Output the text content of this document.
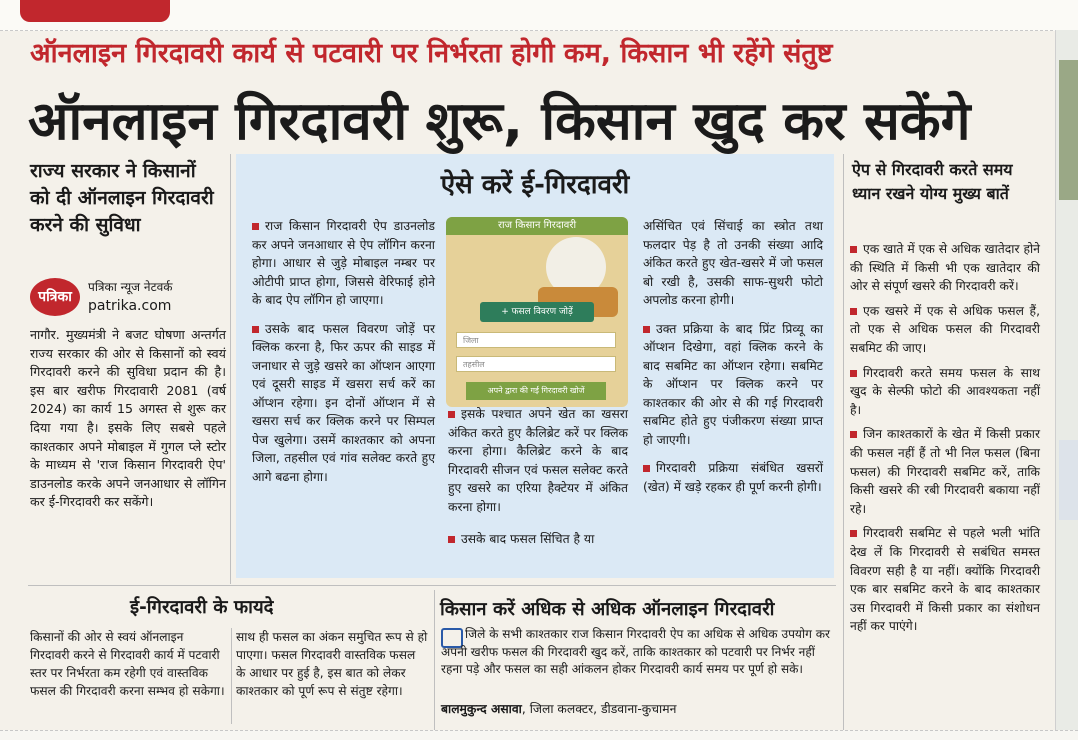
ऑनलाइन गिरदावरी कार्य से पटवारी पर निर्भरता होगी कम, किसान भी रहेंगे संतुष्ट
ऑनलाइन गिरदावरी शुरू, किसान खुद कर सकेंगे
राज्य सरकार ने किसानों को दी ऑनलाइन गिरदावरी करने की सुविधा
पत्रिका
पत्रिका न्यूज नेटवर्क
patrika.com
नागौर. मुख्यमंत्री ने बजट घोषणा अन्तर्गत राज्य सरकार की ओर से किसानों को स्वयं गिरदावरी करने की सुविधा प्रदान की है। इस बार खरीफ गिरदावारी 2081 (वर्ष 2024) का कार्य 15 अगस्त से शुरू कर दिया गया है। इसके लिए सबसे पहले काश्तकार अपने मोबाइल में गुगल प्ले स्टोर के माध्यम से 'राज किसान गिरदावरी ऐप' डाउनलोड करके अपने जनआधार से लॉगिन कर ई-गिरदावरी कर सकेंगे।
ऐसे करें ई-गिरदावरी
राज किसान गिरदावरी ऐप डाउनलोड कर अपने जनआधार से ऐप लॉगिन करना होगा। आधार से जुड़े मोबाइल नम्बर पर ओटीपी प्राप्त होगा, जिससे वेरिफाई होने के बाद ऐप लॉगिन हो जाएगा।
उसके बाद फसल विवरण जोड़ें पर क्लिक करना है, फिर ऊपर की साइड में जनाधार से जुड़े खसरे का ऑप्शन आएगा एवं दूसरी साइड में खसरा सर्च करें का ऑप्शन रहेगा। इन दोनों ऑप्शन में से खसरा सर्च कर क्लिक करने पर सिम्पल पेज खुलेगा। उसमें काश्तकार को अपना जिला, तहसील एवं गांव सलेक्ट करते हुए आगे बढना होगा।
राज किसान गिरदावरी
+ फसल विवरण जोड़ें
जिला
तहसील
अपने द्वारा की गई गिरदावरी खोजें
इसके पश्चात अपने खेत का खसरा अंकित करते हुए कैलिब्रेट करें पर क्लिक करना होगा। कैलिब्रेट करने के बाद गिरदावरी सीजन एवं फसल सलेक्ट करते हुए खसरे का एरिया हैक्टेयर में अंकित करना होगा।
उसके बाद फसल सिंचित है या
असिंचित एवं सिंचाई का स्त्रोत तथा फलदार पेड़ है तो उनकी संख्या आदि अंकित करते हुए खेत-खसरे में जो फसल बो रखी है, उसकी साफ-सुथरी फोटो अपलोड करना होगी।
उक्त प्रक्रिया के बाद प्रिंट प्रिव्यू का ऑप्शन दिखेगा, वहां क्लिक करने के बाद सबमिट का ऑप्शन रहेगा। सबमिट के ऑप्शन पर क्लिक करने पर काश्तकार की ओर से की गई गिरदावरी सबमिट होते हुए पंजीकरण संख्या प्राप्त हो जाएगी।
गिरदावरी प्रक्रिया संबंधित खसरों (खेत) में खड़े रहकर ही पूर्ण करनी होगी।
ऐप से गिरदावरी करते समय ध्यान रखने योग्य मुख्य बातें

एक खाते में एक से अधिक खातेदार होने की स्थिति में किसी भी एक खातेदार की ओर से संपूर्ण खसरे की गिरदावरी करें।

एक खसरे में एक से अधिक फसल हैं, तो एक से अधिक फसल की गिरदावरी सबमिट की जाए।

गिरदावरी करते समय फसल के साथ खुद के सेल्फी फोटो की आवश्यकता नहीं है।

जिन काश्तकारों के खेत में किसी प्रकार की फसल नहीं हैं तो भी निल फसल (बिना फसल) की गिरदावरी सबमिट करें, ताकि किसी खसरे की रबी गिरदावरी बकाया नहीं रहे।

गिरदावरी सबमिट से पहले भली भांति देख लें कि गिरदावरी से सबंधित समस्त विवरण सही है या नहीं। क्योंकि गिरदावरी एक बार सबमिट करने के बाद काश्तकार उस गिरदावरी में किसी प्रकार का संशोधन नहीं कर पाएंगे।

ई-गिरदावरी के फायदे
किसानों की ओर से स्वयं ऑनलाइन गिरदावरी करने से गिरदावरी कार्य में पटवारी स्तर पर निर्भरता कम रहेगी एवं वास्तविक फसल की गिरदावरी करना सम्भव हो सकेगा।
साथ ही फसल का अंकन समुचित रूप से हो पाएगा। फसल गिरदावरी वास्तविक फसल के आधार पर हुई है, इस बात को लेकर काश्तकार को पूर्ण रूप से संतुष्ट रहेगा।
किसान करें अधिक से अधिक ऑनलाइन गिरदावरी
जिले के सभी काश्तकार राज किसान गिरदावरी ऐप का अधिक से अधिक उपयोग कर अपनी खरीफ फसल की गिरदावरी खुद करें, ताकि काश्तकार को पटवारी पर निर्भर नहीं रहना पड़े और फसल का सही आंकलन होकर गिरदावरी कार्य समय पर पूर्ण हो सके।
बालमुकुन्द असावा, जिला कलक्टर, डीडवाना-कुचामन
